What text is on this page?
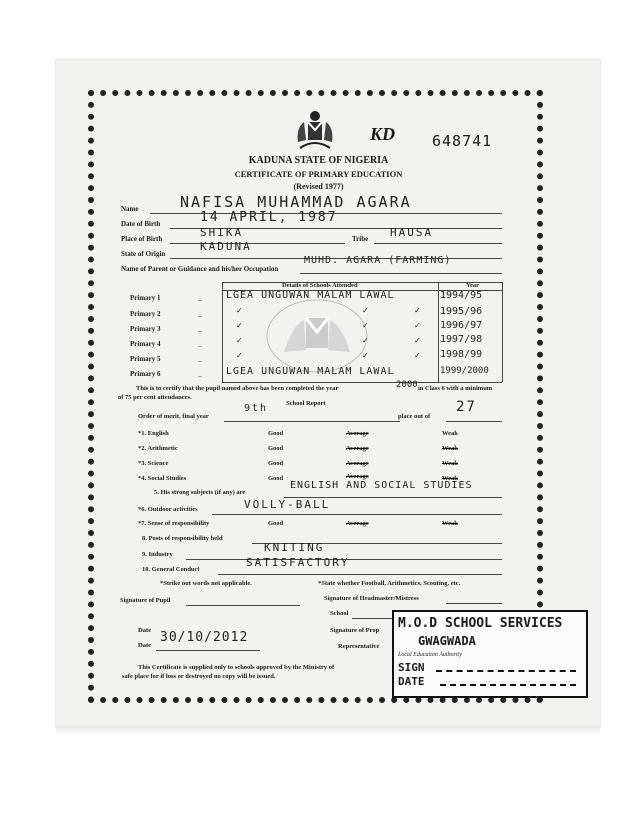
KD 648741
KADUNA STATE OF NIGERIA
CERTIFICATE OF PRIMARY EDUCATION
(Revised 1977)
Name	NAFISA MUHAMMAD AGARA
Date of Birth	14 APRIL, 1987
Place of Birth	SHIKA	Tribe HAUSA
State of Origin
KADUNA
Name of Parent or Guidance and his/her Occupation
MUHD. AGARA (FARMING)
Details of Schools Attended	Year
Primary 1	.. LGEA UNGUWAN MALAM LAWAL	1994/95
Primary 2	..	✓	✓	✓ 1995/96
Primary 3	..	✓	✓	✓ 1996/97
Primary 4	..	✓	✓	✓ 1997/98
Primary 5	..	✓	✓	✓ 1998/99
Primary 6	.. LGEA UNGUWAN MALAM LAWAL	1999/2000
This is to certify that the pupil named above has been completed the year	2000 in Class 6 with a minimum
of 75 per cent attendances.
Order of merit, final year
9th	School Report
place out of
27
*1. English	Good	Average	Weak
*2. Arithmetic	Good	Average	Weak
*3. Science	Good	Average	Weak
*4. Social Studies	Good	Average	Weak
5. His strong subjects (if any) are
ENGLISH AND SOCIAL STUDIES
*6. Outdoor activities	VOLLY-BALL
*7. Sense of responsibility	Good	Average	Weak
8. Posts of responsibility held
9. Industry
KNITING
10. General Conduct
SATISFACTORY
*Strike out words not applicable.	*State whether Football, Arithmetics, Scouting, etc.
Signature of Pupil	Signature of Headmaster/Mistress
School
Signature of Prop
Representative
Date
Date
30/10/2012
This Certificate is supplied only to schools approved by the Ministry of
safe place for if loss or destroyed no copy will be issued.
M.O.D SCHOOL SERVICES
GWAGWADA
Local Education Authority
SIGN
DATE
